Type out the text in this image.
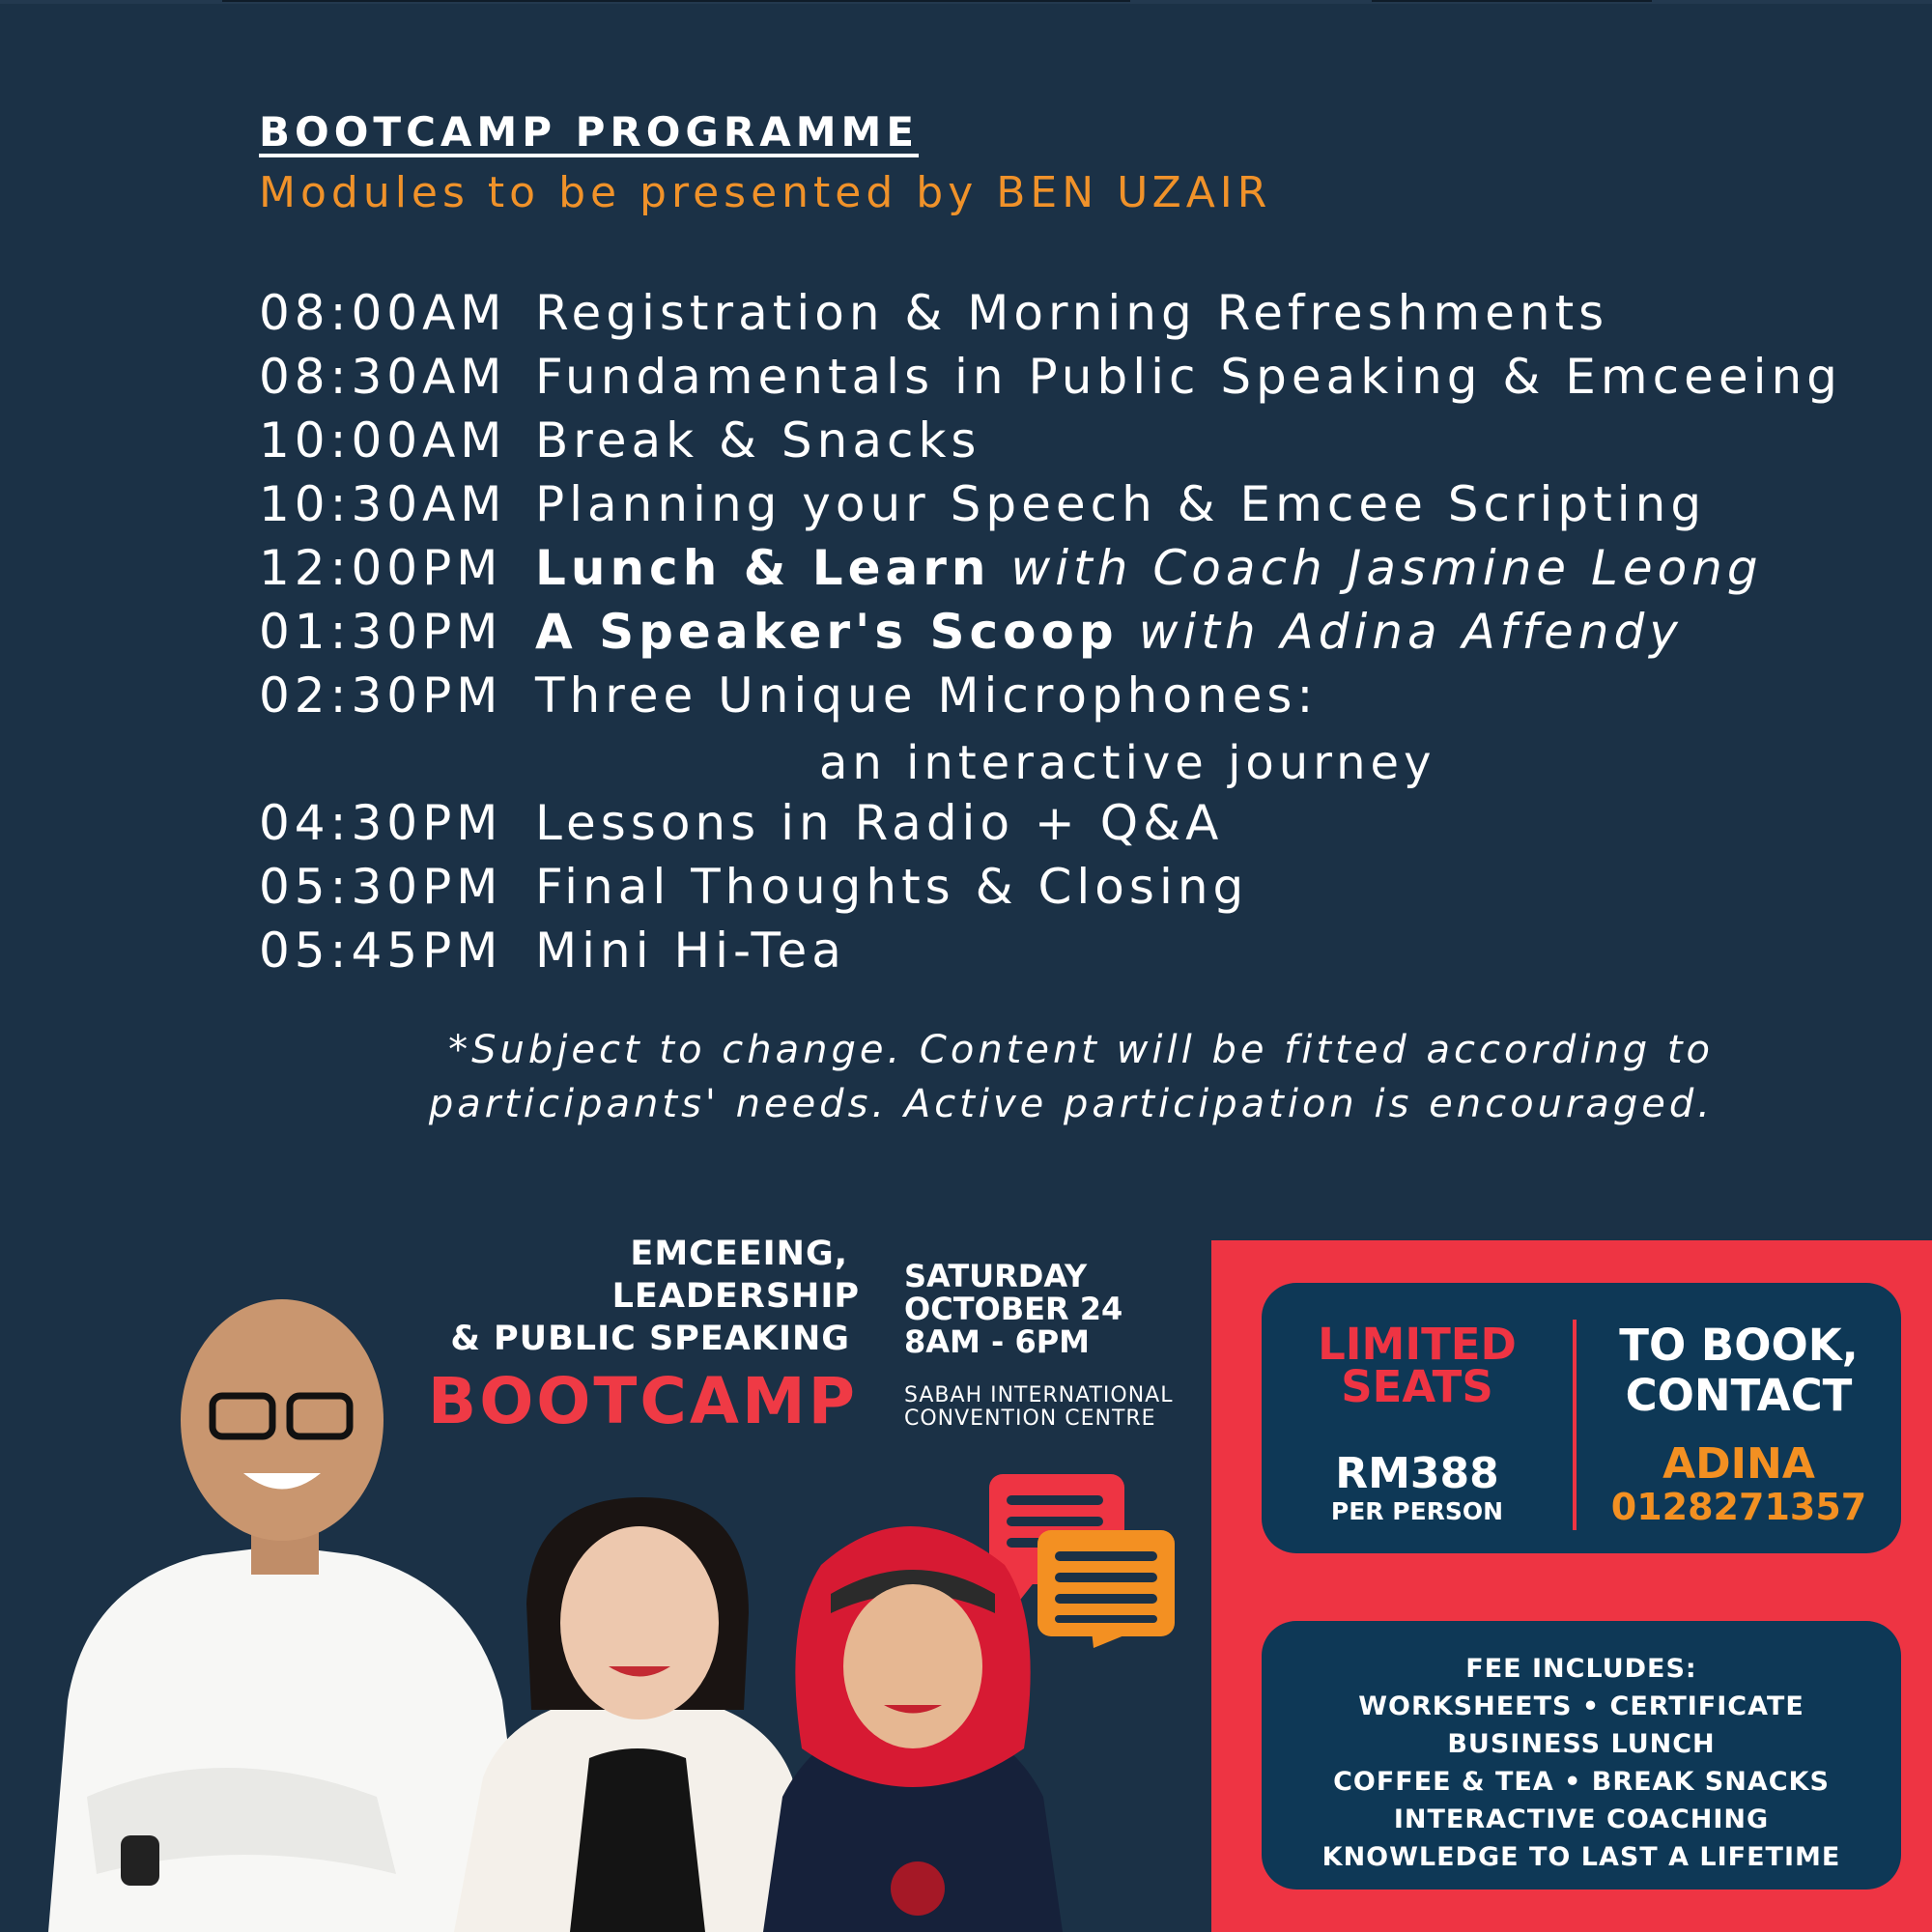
BOOTCAMP PROGRAMME
Modules to be presented by BEN UZAIR
08:00AM Registration & Morning Refreshments
08:30AM Fundamentals in Public Speaking & Emceeing
10:00AM Break & Snacks
10:30AM Planning your Speech & Emcee Scripting
12:00PM Lunch & Learn with Coach Jasmine Leong
01:30PM A Speaker's Scoop with Adina Affendy
02:30PM Three Unique Microphones:
an interactive journey
04:30PM Lessons in Radio + Q&A
05:30PM Final Thoughts & Closing
05:45PM Mini Hi-Tea
*Subject to change. Content will be fitted according to
participants' needs. Active participation is encouraged.
EMCEEING,
LEADERSHIP
& PUBLIC SPEAKING
BOOTCAMP
SATURDAY
OCTOBER 24
8AM - 6PM
SABAH INTERNATIONAL
CONVENTION CENTRE
LIMITED
SEATS
RM388
PER PERSON
TO BOOK,
CONTACT
ADINA
0128271357
FEE INCLUDES:
WORKSHEETS • CERTIFICATE
BUSINESS LUNCH
COFFEE & TEA • BREAK SNACKS
INTERACTIVE COACHING
KNOWLEDGE TO LAST A LIFETIME
